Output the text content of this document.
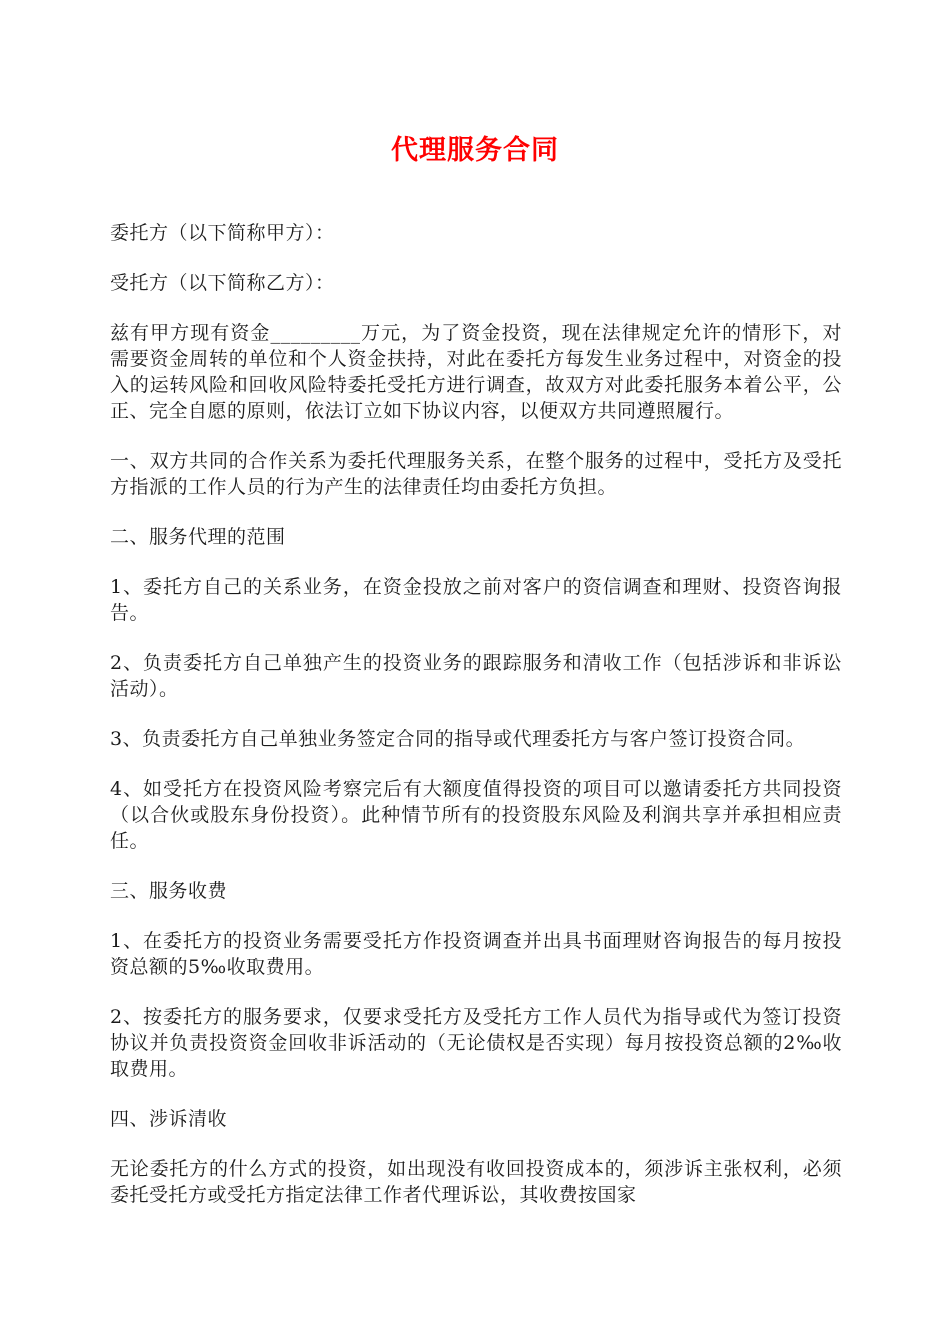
代理服务合同

委托方（以下简称甲方）：

受托方（以下简称乙方）：

兹有甲方现有资金_________万元，为了资金投资，现在法律规定允许的情形下，对需要资金周转的单位和个人资金扶持，对此在委托方每发生业务过程中，对资金的投入的运转风险和回收风险特委托受托方进行调查，故双方对此委托服务本着公平，公正、完全自愿的原则，依法订立如下协议内容，以便双方共同遵照履行。

一、双方共同的合作关系为委托代理服务关系，在整个服务的过程中，受托方及受托方指派的工作人员的行为产生的法律责任均由委托方负担。

二、服务代理的范围

1、委托方自己的关系业务，在资金投放之前对客户的资信调查和理财、投资咨询报告。

2、负责委托方自己单独产生的投资业务的跟踪服务和清收工作（包括涉诉和非诉讼活动）。

3、负责委托方自己单独业务签定合同的指导或代理委托方与客户签订投资合同。

4、如受托方在投资风险考察完后有大额度值得投资的项目可以邀请委托方共同投资（以合伙或股东身份投资）。此种情节所有的投资股东风险及利润共享并承担相应责任。

三、服务收费

1、在委托方的投资业务需要受托方作投资调查并出具书面理财咨询报告的每月按投资总额的5‰收取费用。

2、按委托方的服务要求，仅要求受托方及受托方工作人员代为指导或代为签订投资协议并负责投资资金回收非诉活动的（无论债权是否实现）每月按投资总额的2‰收取费用。

四、涉诉清收

无论委托方的什么方式的投资，如出现没有收回投资成本的，须涉诉主张权利，必须委托受托方或受托方指定法律工作者代理诉讼，其收费按国家
